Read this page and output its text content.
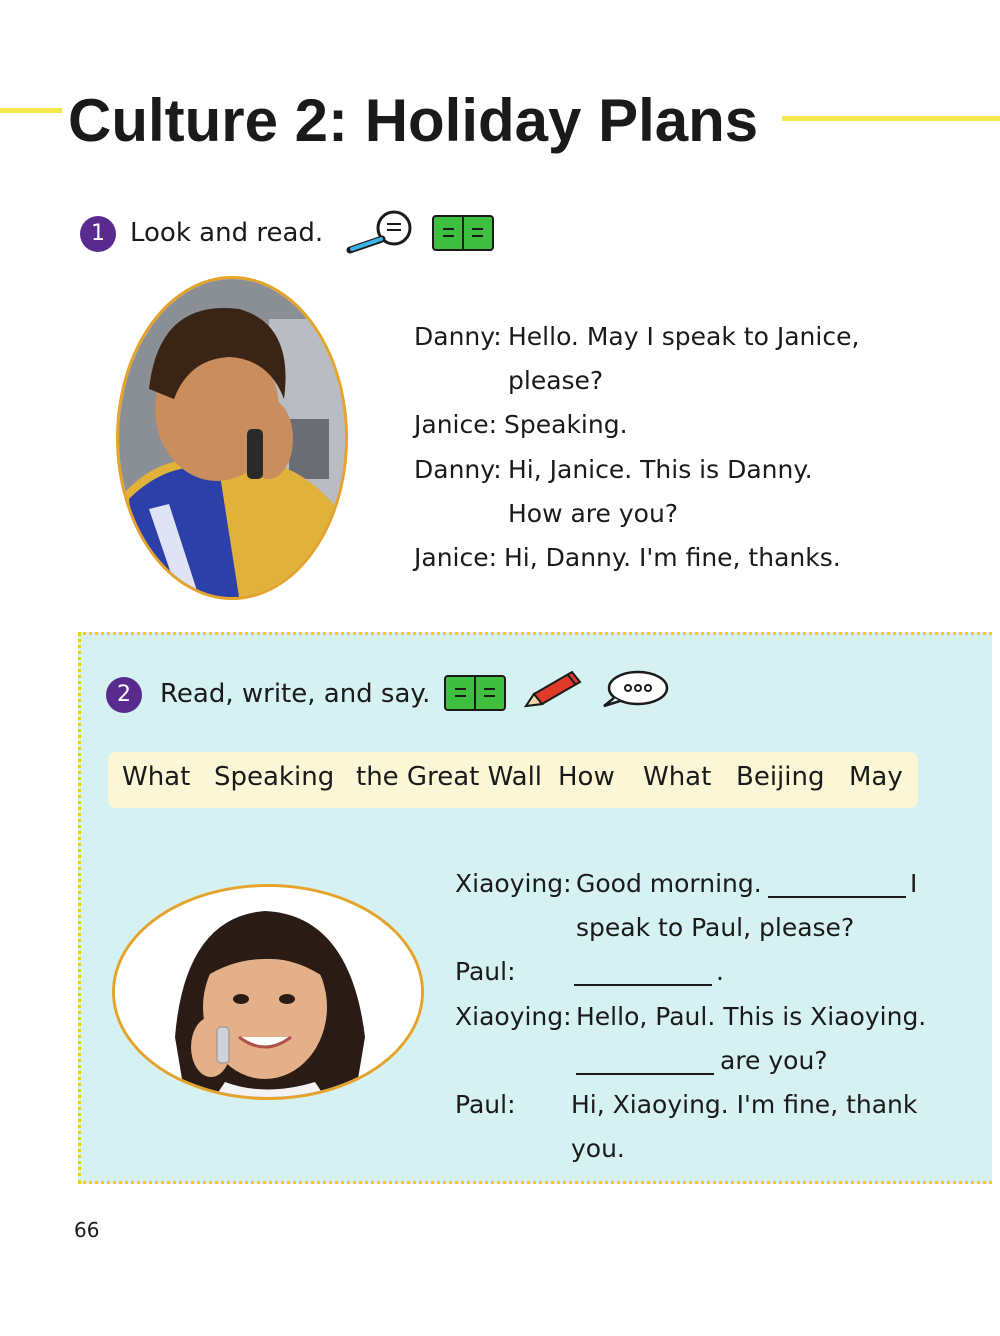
Culture 2: Holiday Plans
1 Look and read.
Danny: Hello. May I speak to Janice,
please?
Janice: Speaking.
Danny: Hi, Janice. This is Danny.
How are you?
Janice: Hi, Danny. I'm fine, thanks.
2	Read, write, and say.
What Speaking the Great Wall How What Beijing May
Xiaoying: Good morning.	I
speak to Paul, please?
Paul:	.
Xiaoying: Hello, Paul. This is Xiaoying.
are you?
Paul: Hi, Xiaoying. I'm fine, thank
you.
66
